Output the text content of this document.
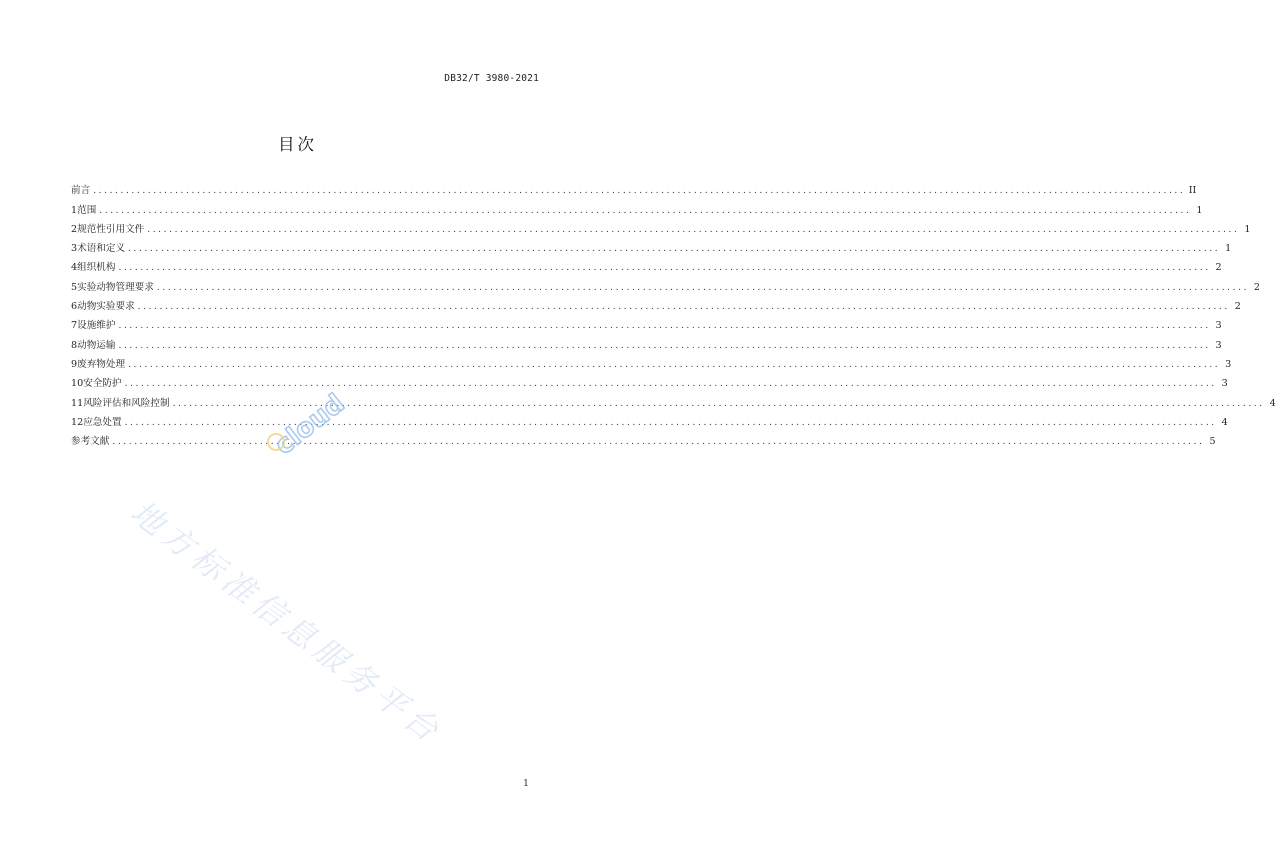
DB32/T 3980-2021
目次
前言 ........................................................................................................................................................................................................ II
1 范围 ........................................................................................................................................................................................................ 1
2 规范性引用文件 ........................................................................................................................................................................................................ 1
3 术语和定义 ........................................................................................................................................................................................................ 1
4 组织机构 ........................................................................................................................................................................................................ 2
5 实验动物管理要求 ........................................................................................................................................................................................................ 2
6 动物实验要求 ........................................................................................................................................................................................................ 2
7 设施维护 ........................................................................................................................................................................................................ 3
8 动物运输 ........................................................................................................................................................................................................ 3
9 废弃物处理 ........................................................................................................................................................................................................ 3
10 安全防护 ........................................................................................................................................................................................................ 3
11 风险评估和风险控制 ........................................................................................................................................................................................................ 4
12 应急处置 ........................................................................................................................................................................................................ 4
参考文献 ........................................................................................................................................................................................................ 5
1
cloud
地方标准信息服务平台
